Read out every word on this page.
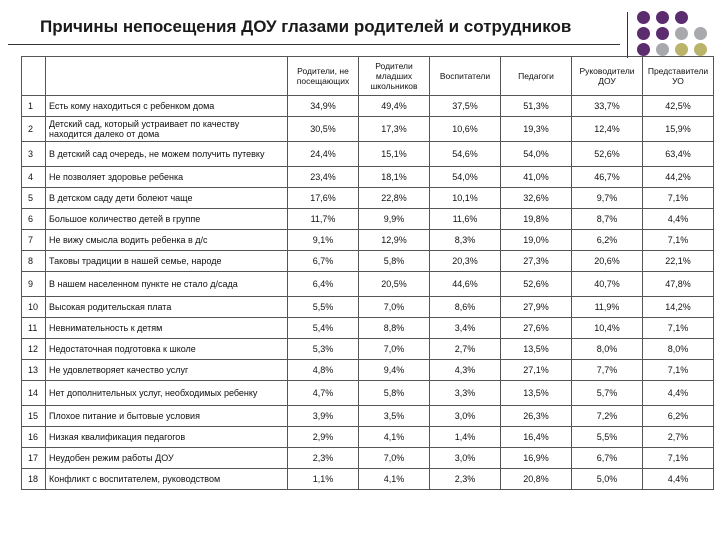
Причины непосещения ДОУ глазами родителей и сотрудников
		Родители, не посещающих	Родители младших школьников	Воспитатели	Педагоги	Руководители ДОУ	Представители УО
1	Есть кому находиться с ребенком дома	34,9%	49,4%	37,5%	51,3%	33,7%	42,5%
2	Детский сад, который устраивает по качеству находится далеко от дома	30,5%	17,3%	10,6%	19,3%	12,4%	15,9%
3	В детский сад очередь, не можем получить путевку	24,4%	15,1%	54,6%	54,0%	52,6%	63,4%
4	Не позволяет здоровье ребенка	23,4%	18,1%	54,0%	41,0%	46,7%	44,2%
5	В детском саду дети болеют чаще	17,6%	22,8%	10,1%	32,6%	9,7%	7,1%
6	Большое количество детей в группе	11,7%	9,9%	11,6%	19,8%	8,7%	4,4%
7	Не вижу смысла водить ребенка в д/с	9,1%	12,9%	8,3%	19,0%	6,2%	7,1%
8	Таковы традиции в нашей семье, народе	6,7%	5,8%	20,3%	27,3%	20,6%	22,1%
9	В нашем населенном пункте не стало д/сада	6,4%	20,5%	44,6%	52,6%	40,7%	47,8%
10	Высокая родительская плата	5,5%	7,0%	8,6%	27,9%	11,9%	14,2%
11	Невнимательность к детям	5,4%	8,8%	3,4%	27,6%	10,4%	7,1%
12	Недостаточная подготовка к школе	5,3%	7,0%	2,7%	13,5%	8,0%	8,0%
13	Не удовлетворяет качество услуг	4,8%	9,4%	4,3%	27,1%	7,7%	7,1%
14	Нет дополнительных услуг, необходимых ребенку	4,7%	5,8%	3,3%	13,5%	5,7%	4,4%
15	Плохое питание и бытовые условия	3,9%	3,5%	3,0%	26,3%	7,2%	6,2%
16	Низкая квалификация педагогов	2,9%	4,1%	1,4%	16,4%	5,5%	2,7%
17	Неудобен режим работы ДОУ	2,3%	7,0%	3,0%	16,9%	6,7%	7,1%
18	Конфликт с воспитателем, руководством	1,1%	4,1%	2,3%	20,8%	5,0%	4,4%
